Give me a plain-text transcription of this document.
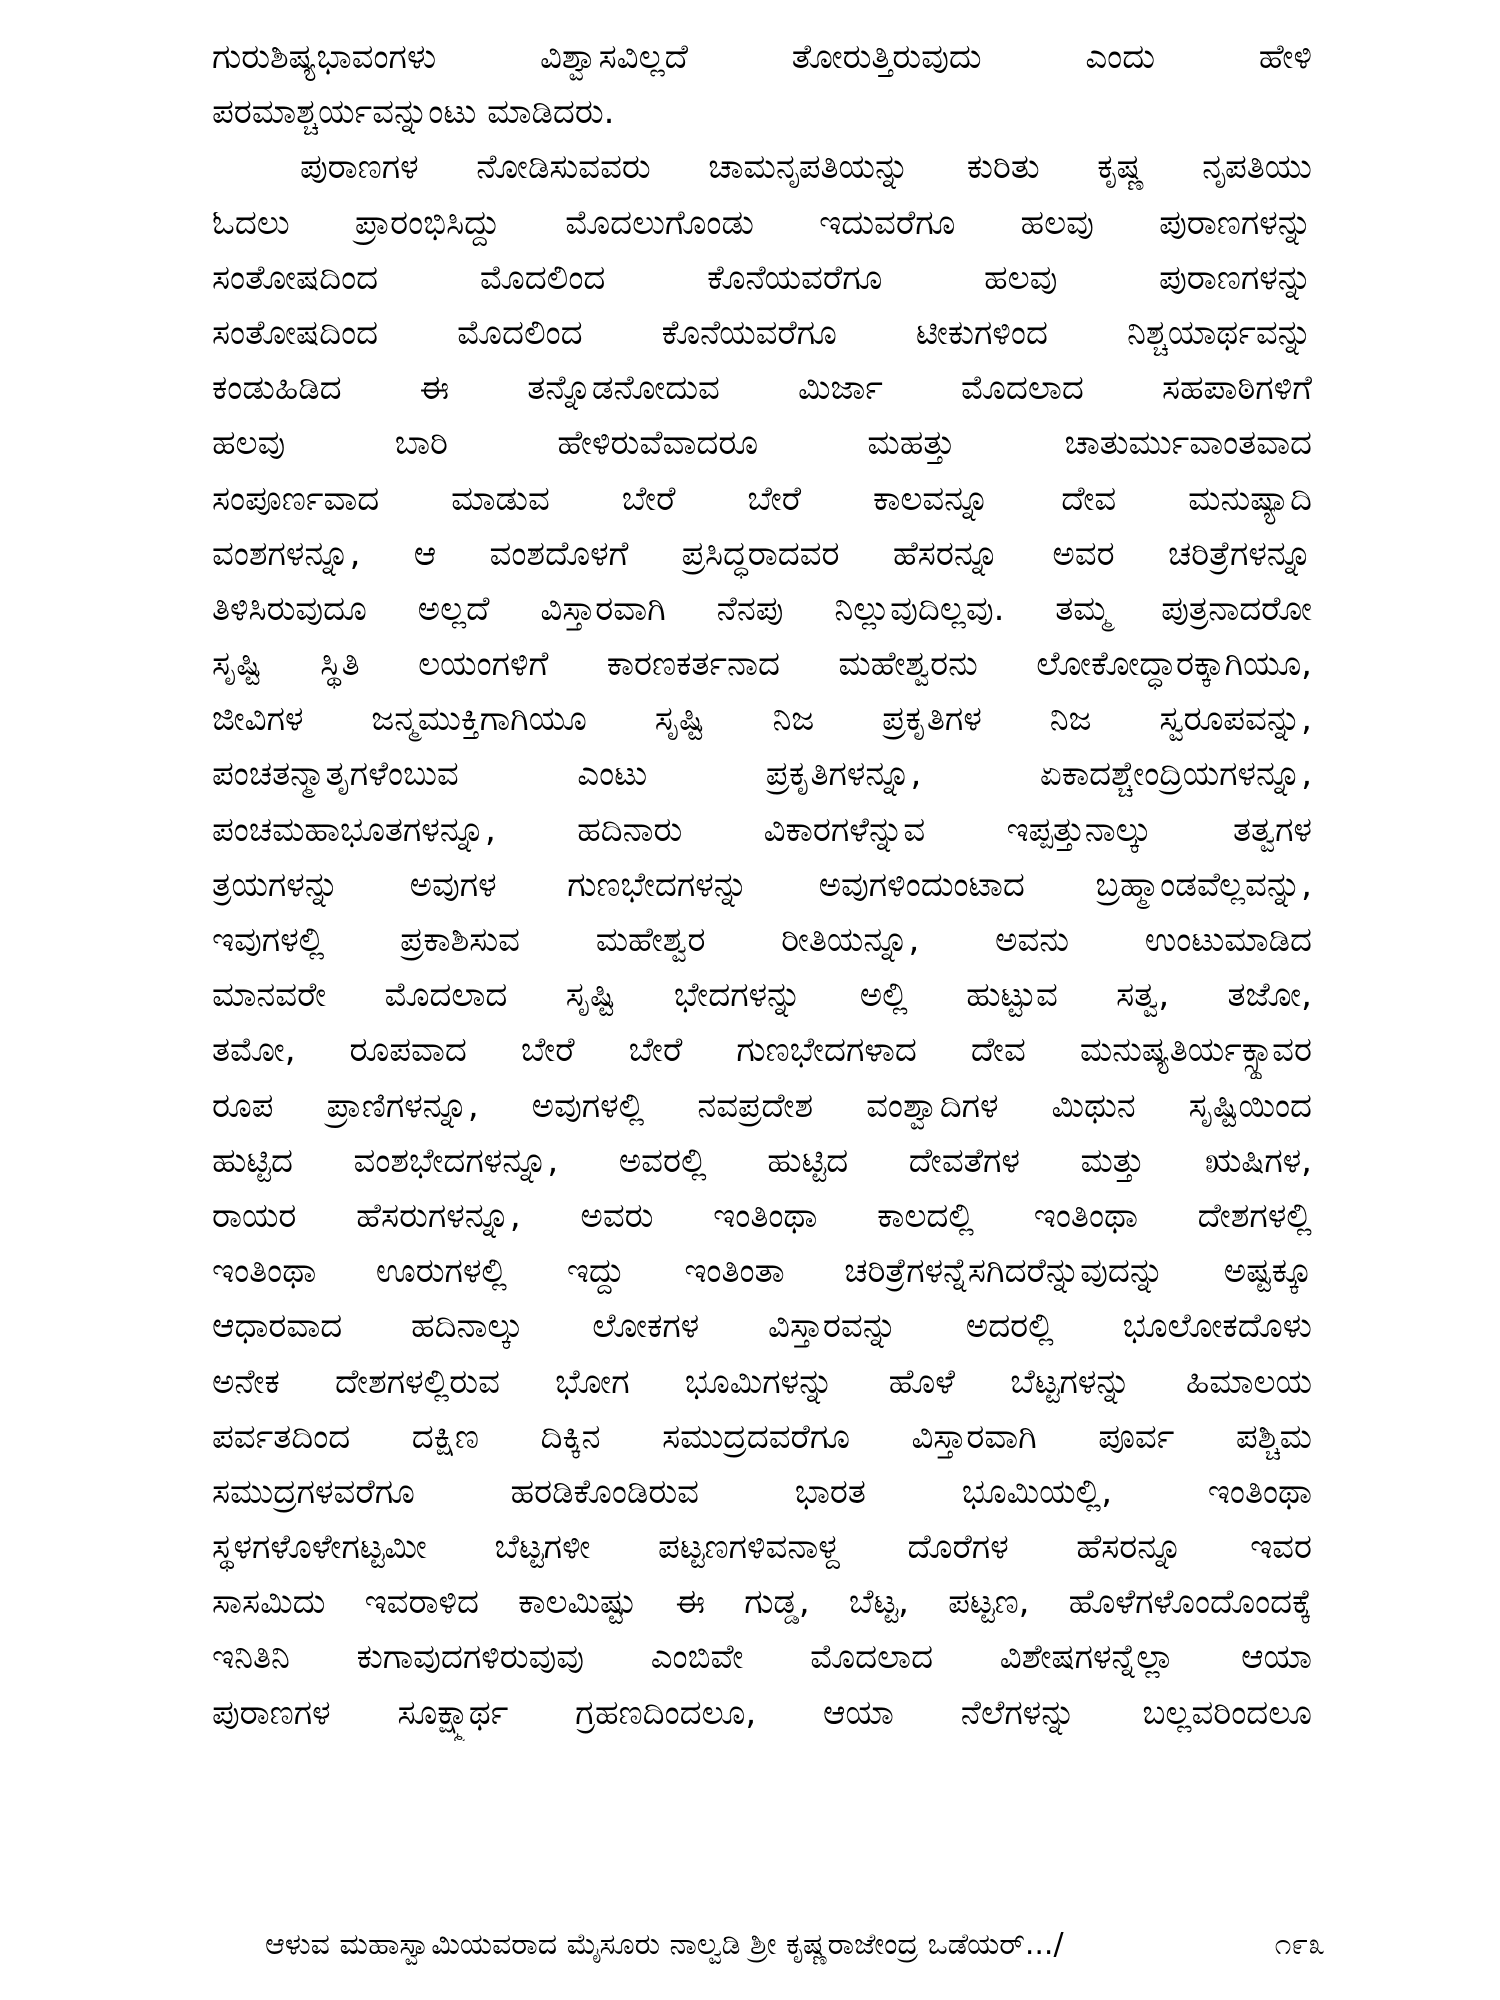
ಗುರುಶಿಷ್ಯಭಾವಂಗಳು ವಿಶ್ವಾಸವಿಲ್ಲದೆ ತೋರುತ್ತಿರುವುದು ಎಂದು ಹೇಳಿ
ಪರಮಾಶ್ಚರ್ಯವನ್ನುಂಟು ಮಾಡಿದರು.
ಪುರಾಣಗಳ ನೋಡಿಸುವವರು ಚಾಮನೃಪತಿಯನ್ನು ಕುರಿತು ಕೃಷ್ಣ ನೃಪತಿಯು
ಓದಲು ಪ್ರಾರಂಭಿಸಿದ್ದು ಮೊದಲುಗೊಂಡು ಇದುವರೆಗೂ ಹಲವು ಪುರಾಣಗಳನ್ನು
ಸಂತೋಷದಿಂದ ಮೊದಲಿಂದ ಕೊನೆಯವರೆಗೂ ಹಲವು ಪುರಾಣಗಳನ್ನು
ಸಂತೋಷದಿಂದ ಮೊದಲಿಂದ ಕೊನೆಯವರೆಗೂ ಟೀಕುಗಳಿಂದ ನಿಶ್ಚಯಾರ್ಥವನ್ನು
ಕಂಡುಹಿಡಿದ ಈ ತನ್ನೊಡನೋದುವ ಮಿರ್ಜಾ ಮೊದಲಾದ ಸಹಪಾಠಿಗಳಿಗೆ
ಹಲವು ಬಾರಿ ಹೇಳಿರುವೆವಾದರೂ ಮಹತ್ತು ಚಾತುರ್ಮುವಾಂತವಾದ
ಸಂಪೂರ್ಣವಾದ ಮಾಡುವ ಬೇರೆ ಬೇರೆ ಕಾಲವನ್ನೂ ದೇವ ಮನುಷ್ಯಾದಿ
ವಂಶಗಳನ್ನೂ, ಆ ವಂಶದೊಳಗೆ ಪ್ರಸಿದ್ಧರಾದವರ ಹೆಸರನ್ನೂ ಅವರ ಚರಿತ್ರೆಗಳನ್ನೂ
ತಿಳಿಸಿರುವುದೂ ಅಲ್ಲದೆ ವಿಸ್ತಾರವಾಗಿ ನೆನಪು ನಿಲ್ಲುವುದಿಲ್ಲವು. ತಮ್ಮ ಪುತ್ರನಾದರೋ
ಸೃಷ್ಟಿ ಸ್ಥಿತಿ ಲಯಂಗಳಿಗೆ ಕಾರಣಕರ್ತನಾದ ಮಹೇಶ್ವರನು ಲೋಕೋದ್ಧಾರಕ್ಕಾಗಿಯೂ,
ಜೀವಿಗಳ ಜನ್ಮಮುಕ್ತಿಗಾಗಿಯೂ ಸೃಷ್ಟಿ ನಿಜ ಪ್ರಕೃತಿಗಳ ನಿಜ ಸ್ವರೂಪವನ್ನು,
ಪಂಚತನ್ಮಾತೃಗಳೆಂಬುವ ಎಂಟು ಪ್ರಕೃತಿಗಳನ್ನೂ, ಏಕಾದಶ್ಚೇಂದ್ರಿಯಗಳನ್ನೂ,
ಪಂಚಮಹಾಭೂತಗಳನ್ನೂ, ಹದಿನಾರು ವಿಕಾರಗಳೆನ್ನುವ ಇಪ್ಪತ್ತುನಾಲ್ಕು ತತ್ವಗಳ
ತ್ರಯಗಳನ್ನು ಅವುಗಳ ಗುಣಭೇದಗಳನ್ನು ಅವುಗಳಿಂದುಂಟಾದ ಬ್ರಹ್ಮಾಂಡವೆಲ್ಲವನ್ನು,
ಇವುಗಳಲ್ಲಿ ಪ್ರಕಾಶಿಸುವ ಮಹೇಶ್ವರ ರೀತಿಯನ್ನೂ, ಅವನು ಉಂಟುಮಾಡಿದ
ಮಾನವರೇ ಮೊದಲಾದ ಸೃಷ್ಟಿ ಭೇದಗಳನ್ನು ಅಲ್ಲಿ ಹುಟ್ಟುವ ಸತ್ವ, ತಜೋ,
ತಮೋ, ರೂಪವಾದ ಬೇರೆ ಬೇರೆ ಗುಣಭೇದಗಳಾದ ದೇವ ಮನುಷ್ಯತಿರ್ಯಕ್ಸ್ಥಾವರ
ರೂಪ ಪ್ರಾಣಿಗಳನ್ನೂ, ಅವುಗಳಲ್ಲಿ ನವಪ್ರದೇಶ ವಂಶ್ವಾದಿಗಳ ಮಿಥುನ ಸೃಷ್ಟಿಯಿಂದ
ಹುಟ್ಟಿದ ವಂಶಭೇದಗಳನ್ನೂ, ಅವರಲ್ಲಿ ಹುಟ್ಟಿದ ದೇವತೆಗಳ ಮತ್ತು ಋಷಿಗಳ,
ರಾಯರ ಹೆಸರುಗಳನ್ನೂ, ಅವರು ಇಂತಿಂಥಾ ಕಾಲದಲ್ಲಿ ಇಂತಿಂಥಾ ದೇಶಗಳಲ್ಲಿ
ಇಂತಿಂಥಾ ಊರುಗಳಲ್ಲಿ ಇದ್ದು ಇಂತಿಂತಾ ಚರಿತ್ರೆಗಳನ್ನೆಸಗಿದರೆನ್ನುವುದನ್ನು ಅಷ್ಟಕ್ಕೂ
ಆಧಾರವಾದ ಹದಿನಾಲ್ಕು ಲೋಕಗಳ ವಿಸ್ತಾರವನ್ನು ಅದರಲ್ಲಿ ಭೂಲೋಕದೊಳು
ಅನೇಕ ದೇಶಗಳಲ್ಲಿರುವ ಭೋಗ ಭೂಮಿಗಳನ್ನು ಹೊಳೆ ಬೆಟ್ಟಗಳನ್ನು ಹಿಮಾಲಯ
ಪರ್ವತದಿಂದ ದಕ್ಷಿಣ ದಿಕ್ಕಿನ ಸಮುದ್ರದವರೆಗೂ ವಿಸ್ತಾರವಾಗಿ ಪೂರ್ವ ಪಶ್ಚಿಮ
ಸಮುದ್ರಗಳವರೆಗೂ ಹರಡಿಕೊಂಡಿರುವ ಭಾರತ ಭೂಮಿಯಲ್ಲಿ, ಇಂತಿಂಥಾ
ಸ್ಥಳಗಳೊಳೇಗಟ್ಟಮೀ ಬೆಟ್ಟಗಳೀ ಪಟ್ಟಣಗಳಿವನಾಳ್ದ ದೊರೆಗಳ ಹೆಸರನ್ನೂ ಇವರ
ಸಾಸಮಿದು ಇವರಾಳಿದ ಕಾಲಮಿಷ್ಟು ಈ ಗುಡ್ಡ, ಬೆಟ್ಟ, ಪಟ್ಟಣ, ಹೊಳೆಗಳೊಂದೊಂದಕ್ಕೆ
ಇನಿತಿನಿ ಕುಗಾವುದಗಳಿರುವುವು ಎಂಬಿವೇ ಮೊದಲಾದ ವಿಶೇಷಗಳನ್ನೆಲ್ಲಾ ಆಯಾ
ಪುರಾಣಗಳ ಸೂಕ್ಷ್ಮಾರ್ಥ ಗ್ರಹಣದಿಂದಲೂ, ಆಯಾ ನೆಲೆಗಳನ್ನು ಬಲ್ಲವರಿಂದಲೂ
ಆಳುವ ಮಹಾಸ್ವಾಮಿಯವರಾದ ಮೈಸೂರು ನಾಲ್ವಡಿ ಶ್ರೀ ಕೃಷ್ಣರಾಜೇಂದ್ರ ಒಡೆಯರ್.../	೧೯೩
